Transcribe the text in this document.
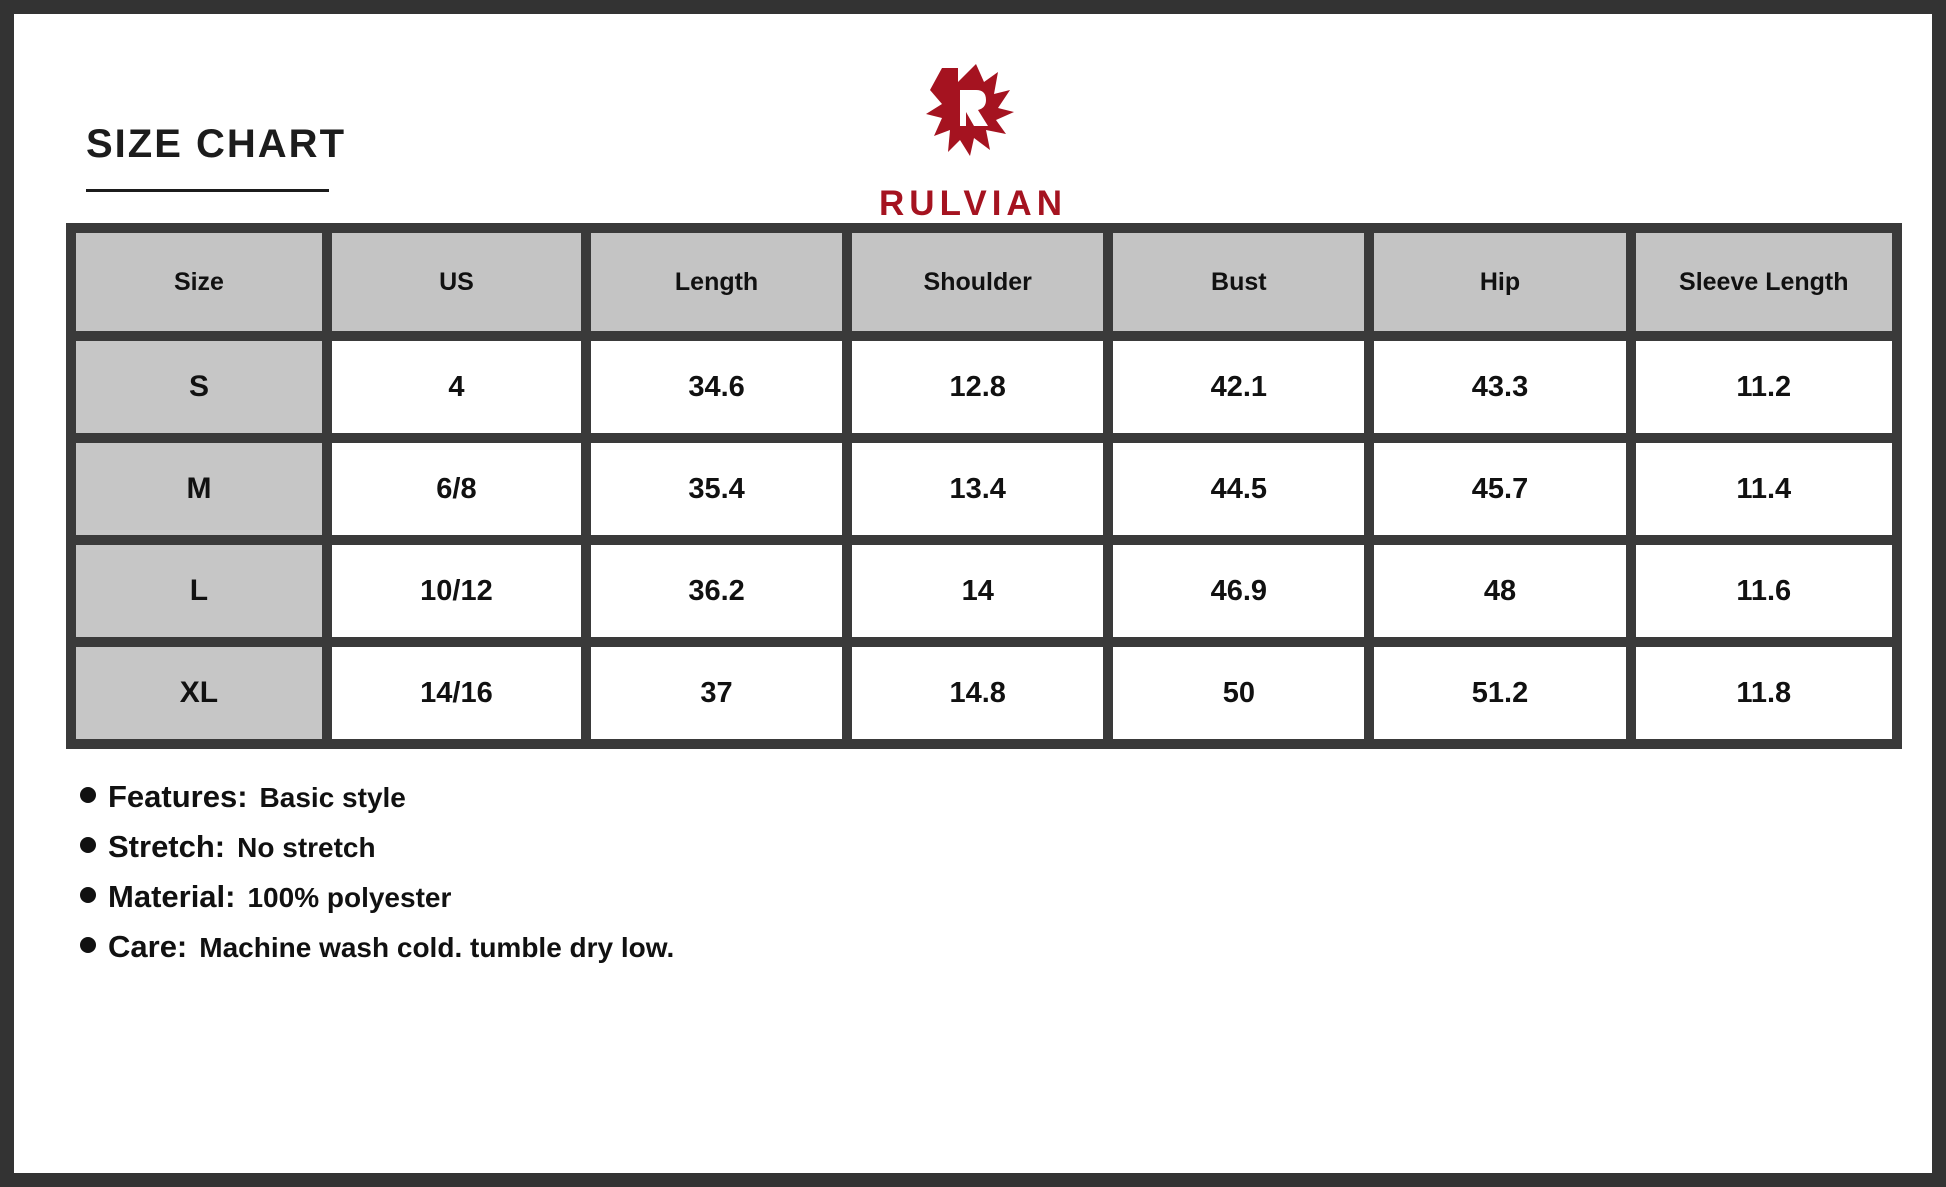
SIZE CHART
RULVIAN
Size	US	Length	Shoulder	Bust	Hip	Sleeve Length
S	4	34.6	12.8	42.1	43.3	11.2
M	6/8	35.4	13.4	44.5	45.7	11.4
L	10/12	36.2	14	46.9	48	11.6
XL	14/16	37	14.8	50	51.2	11.8
Features: Basic style
Stretch: No stretch
Material: 100% polyester
Care: Machine wash cold. tumble dry low.
